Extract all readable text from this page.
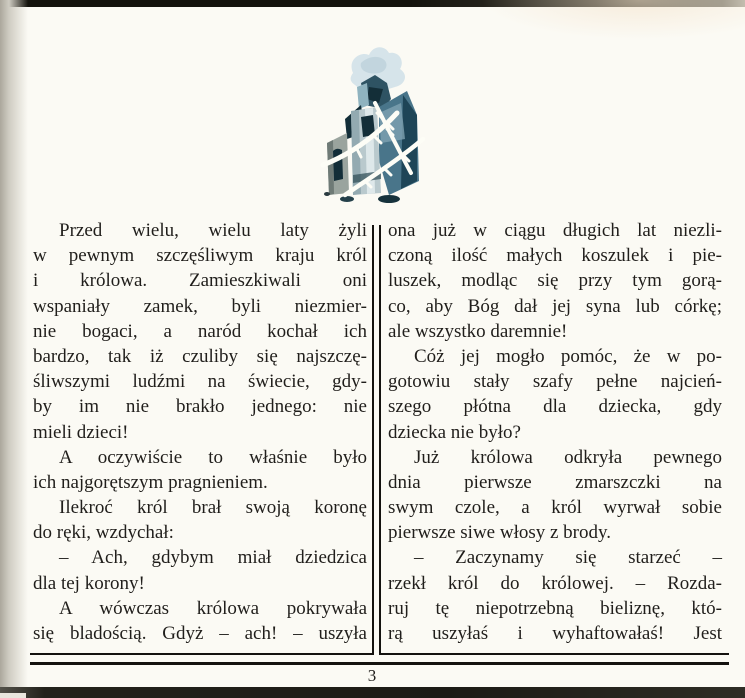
Przed wielu, wielu laty żyli
w pewnym szczęśliwym kraju król
i królowa. Zamieszkiwali oni
wspaniały zamek, byli niezmier-
nie bogaci, a naród kochał ich
bardzo, tak iż czuliby się najszczę-
śliwszymi ludźmi na świecie, gdy-
by im nie brakło jednego: nie
mieli dzieci!
A oczywiście to właśnie było
ich najgorętszym pragnieniem.
Ilekroć król brał swoją koronę
do ręki, wzdychał:
– Ach, gdybym miał dziedzica
dla tej korony!
A wówczas królowa pokrywała
się bladością. Gdyż – ach! – uszyła
ona już w ciągu długich lat niezli-
czoną ilość małych koszulek i pie-
luszek, modląc się przy tym gorą-
co, aby Bóg dał jej syna lub córkę;
ale wszystko daremnie!
Cóż jej mogło pomóc, że w po-
gotowiu stały szafy pełne najcień-
szego płótna dla dziecka, gdy
dziecka nie było?
Już królowa odkryła pewnego
dnia pierwsze zmarszczki na
swym czole, a król wyrwał sobie
pierwsze siwe włosy z brody.
– Zaczynamy się starzeć –
rzekł król do królowej. – Rozda-
ruj tę niepotrzebną bieliznę, któ-
rą uszyłaś i wyhaftowałaś! Jest
3
